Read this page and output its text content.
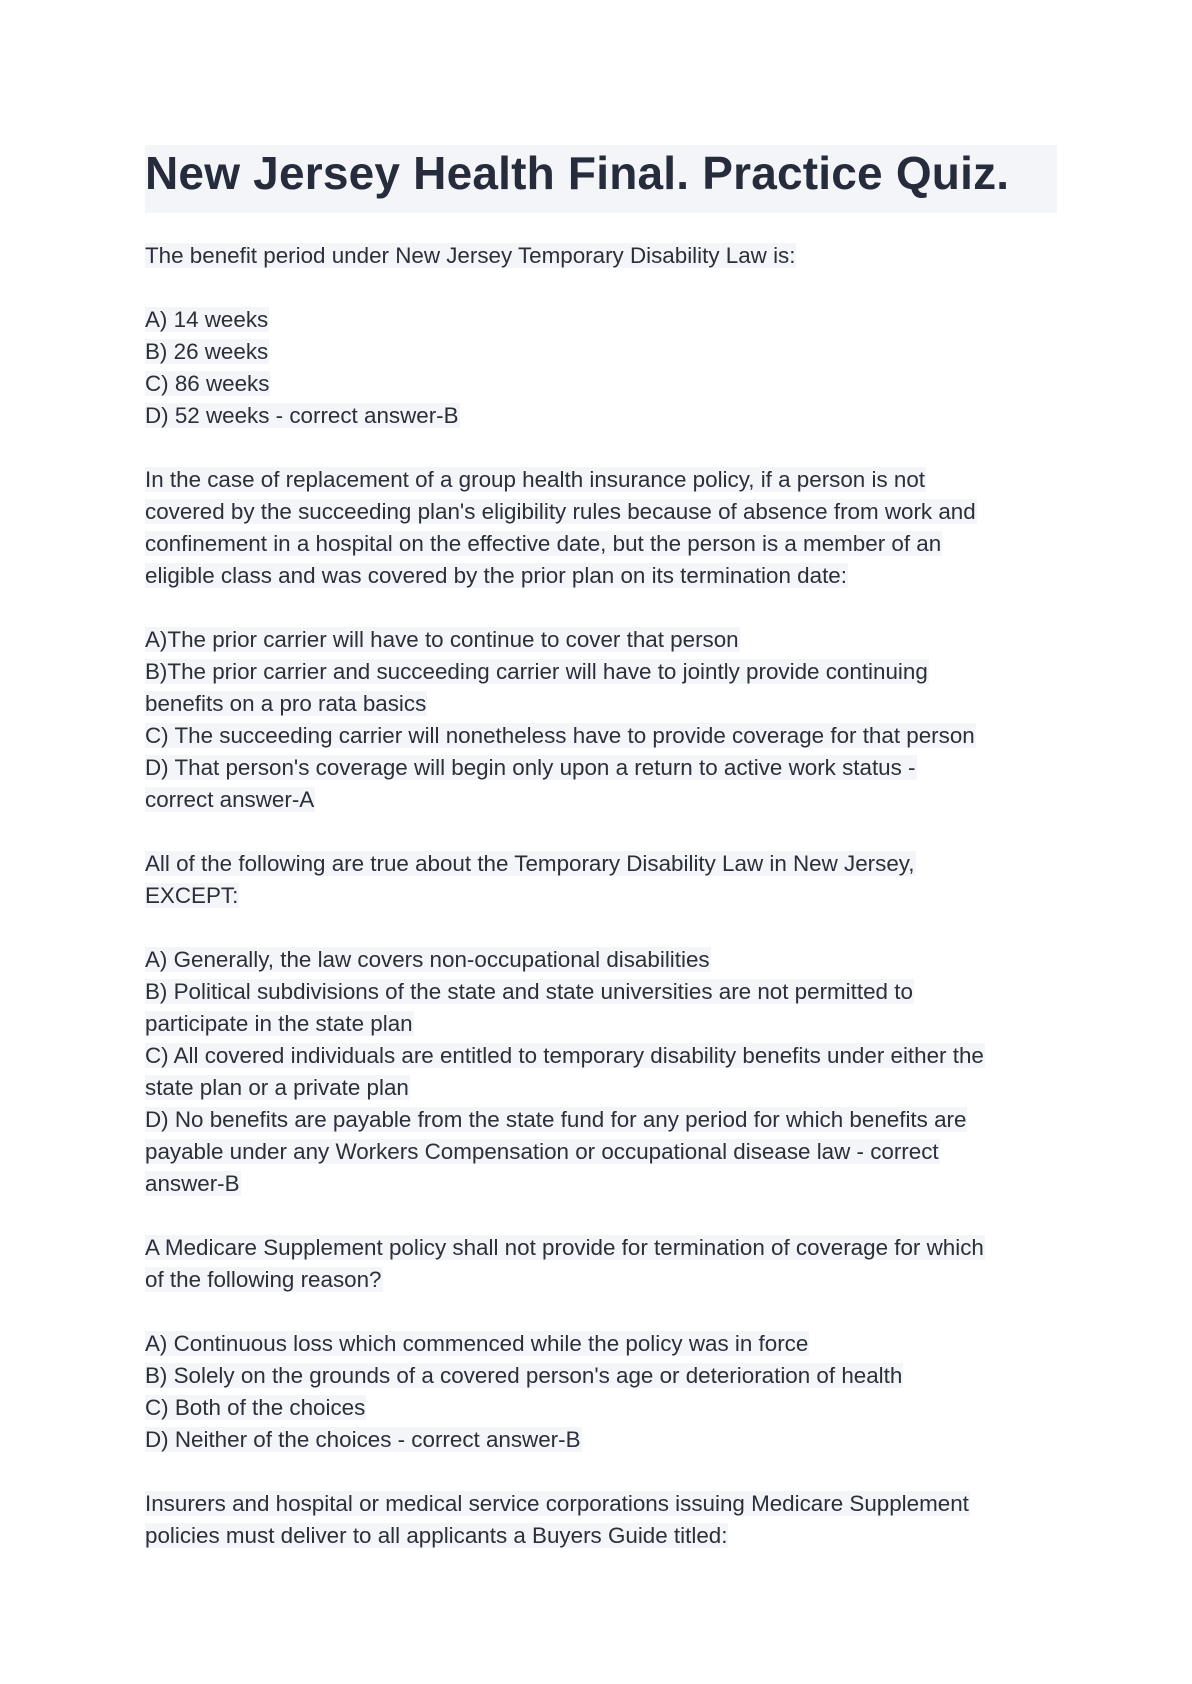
New Jersey Health Final. Practice Quiz.
The benefit period under New Jersey Temporary Disability Law is:
A) 14 weeks
B) 26 weeks
C) 86 weeks
D) 52 weeks - correct answer-B
In the case of replacement of a group health insurance policy, if a person is not
covered by the succeeding plan's eligibility rules because of absence from work and
confinement in a hospital on the effective date, but the person is a member of an
eligible class and was covered by the prior plan on its termination date:
A)The prior carrier will have to continue to cover that person
B)The prior carrier and succeeding carrier will have to jointly provide continuing
benefits on a pro rata basics
C) The succeeding carrier will nonetheless have to provide coverage for that person
D) That person's coverage will begin only upon a return to active work status -
correct answer-A
All of the following are true about the Temporary Disability Law in New Jersey,
EXCEPT:
A) Generally, the law covers non-occupational disabilities
B) Political subdivisions of the state and state universities are not permitted to
participate in the state plan
C) All covered individuals are entitled to temporary disability benefits under either the
state plan or a private plan
D) No benefits are payable from the state fund for any period for which benefits are
payable under any Workers Compensation or occupational disease law - correct
answer-B
A Medicare Supplement policy shall not provide for termination of coverage for which
of the following reason?
A) Continuous loss which commenced while the policy was in force
B) Solely on the grounds of a covered person's age or deterioration of health
C) Both of the choices
D) Neither of the choices - correct answer-B
Insurers and hospital or medical service corporations issuing Medicare Supplement
policies must deliver to all applicants a Buyers Guide titled:
